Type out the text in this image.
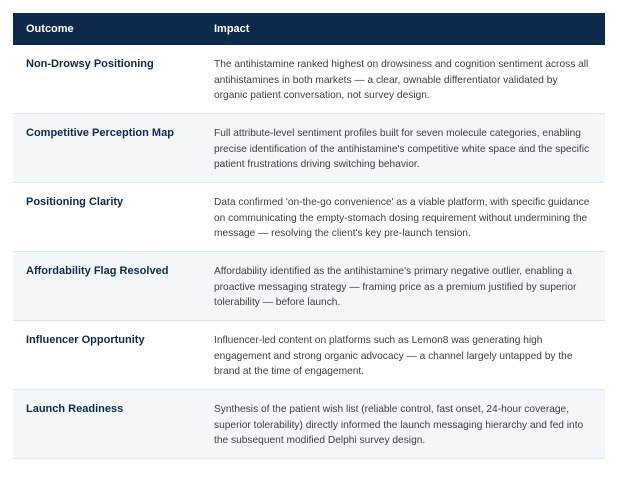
Outcome	Impact
Non-Drowsy Positioning	The antihistamine ranked highest on drowsiness and cognition sentiment across all antihistamines in both markets — a clear, ownable differentiator validated by organic patient conversation, not survey design.
Competitive Perception Map	Full attribute-level sentiment profiles built for seven molecule categories, enabling precise identification of the antihistamine's competitive white space and the specific patient frustrations driving switching behavior.
Positioning Clarity	Data confirmed 'on-the-go convenience' as a viable platform, with specific guidance on communicating the empty-stomach dosing requirement without undermining the message — resolving the client's key pre-launch tension.
Affordability Flag Resolved	Affordability identified as the antihistamine's primary negative outlier, enabling a proactive messaging strategy — framing price as a premium justified by superior tolerability — before launch.
Influencer Opportunity	Influencer-led content on platforms such as Lemon8 was generating high engagement and strong organic advocacy — a channel largely untapped by the brand at the time of engagement.
Launch Readiness	Synthesis of the patient wish list (reliable control, fast onset, 24-hour coverage, superior tolerability) directly informed the launch messaging hierarchy and fed into the subsequent modified Delphi survey design.
